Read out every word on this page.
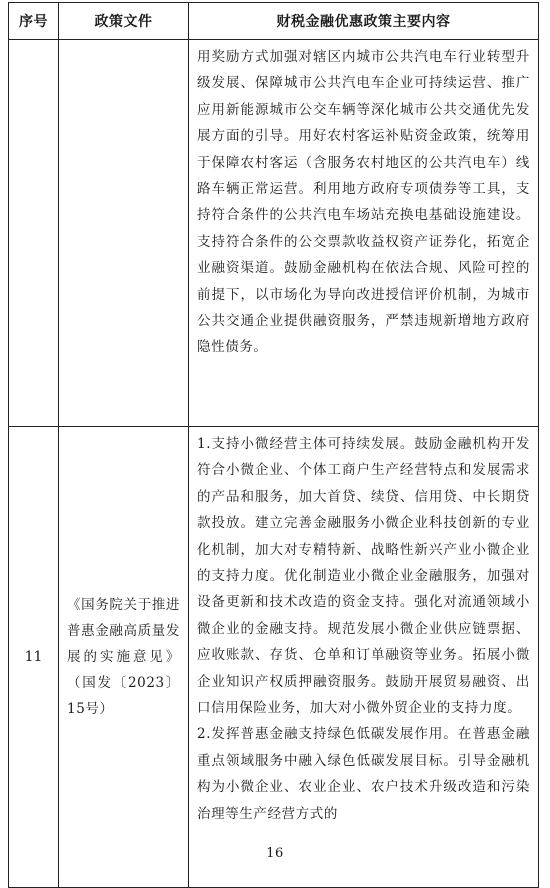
序号	政策文件	财税金融优惠政策主要内容

		用奖励方式加强对辖区内城市公共汽电车行业转型升级发展、保障城市公共汽电车企业可持续运营、推广应用新能源城市公交车辆等深化城市公共交通优先发展方面的引导。用好农村客运补贴资金政策，统筹用于保障农村客运（含服务农村地区的公共汽电车）线路车辆正常运营。利用地方政府专项债券等工具，支持符合条件的公共汽电车场站充换电基础设施建设。支持符合条件的公交票款收益权资产证券化，拓宽企业融资渠道。鼓励金融机构在依法合规、风险可控的前提下，以市场化为导向改进授信评价机制，为城市公共交通企业提供融资服务，严禁违规新增地方政府隐性债务。

11	《国务院关于推进普惠金融高质量发展的实施意见》（国发〔2023〕15号）	1.支持小微经营主体可持续发展。鼓励金融机构开发符合小微企业、个体工商户生产经营特点和发展需求的产品和服务，加大首贷、续贷、信用贷、中长期贷款投放。建立完善金融服务小微企业科技创新的专业化机制，加大对专精特新、战略性新兴产业小微企业的支持力度。优化制造业小微企业金融服务，加强对设备更新和技术改造的资金支持。强化对流通领域小微企业的金融支持。规范发展小微企业供应链票据、应收账款、存货、仓单和订单融资等业务。拓展小微企业知识产权质押融资服务。鼓励开展贸易融资、出口信用保险业务，加大对小微外贸企业的支持力度。

2.发挥普惠金融支持绿色低碳发展作用。在普惠金融重点领域服务中融入绿色低碳发展目标。引导金融机构为小微企业、农业企业、农户技术升级改造和污染治理等生产经营方式的

16
